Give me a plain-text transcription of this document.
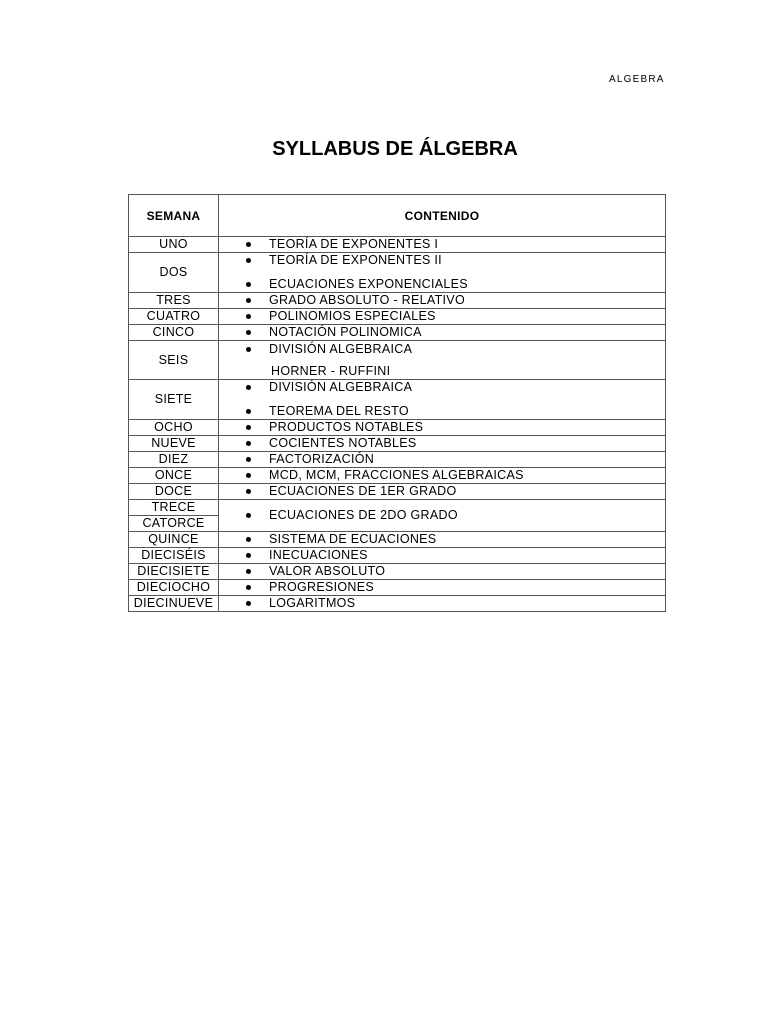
ALGEBRA
SYLLABUS DE ÁLGEBRA
SEMANA	CONTENIDO
UNO	TEORÍA DE EXPONENTES I

DOS	TEORÍA DE EXPONENTES II
ECUACIONES EXPONENCIALES

TRES	GRADO ABSOLUTO - RELATIVO

CUATRO	POLINOMIOS ESPECIALES

CINCO	NOTACIÓN POLINOMICA

SEIS	DIVISIÓN ALGEBRAICA
HORNER - RUFFINI

SIETE	DIVISIÓN ALGEBRAICA
TEOREMA DEL RESTO

OCHO	PRODUCTOS NOTABLES

NUEVE	COCIENTES NOTABLES

DIEZ	FACTORIZACIÓN

ONCE	MCD, MCM, FRACCIONES ALGEBRAICAS

DOCE	ECUACIONES DE 1ER GRADO

TRECE
CATORCE	ECUACIONES DE 2DO GRADO

QUINCE	SISTEMA DE ECUACIONES

DIECISÉIS	INECUACIONES

DIECISIETE	VALOR ABSOLUTO

DIECIOCHO	PROGRESIONES

DIECINUEVE	LOGARITMOS
